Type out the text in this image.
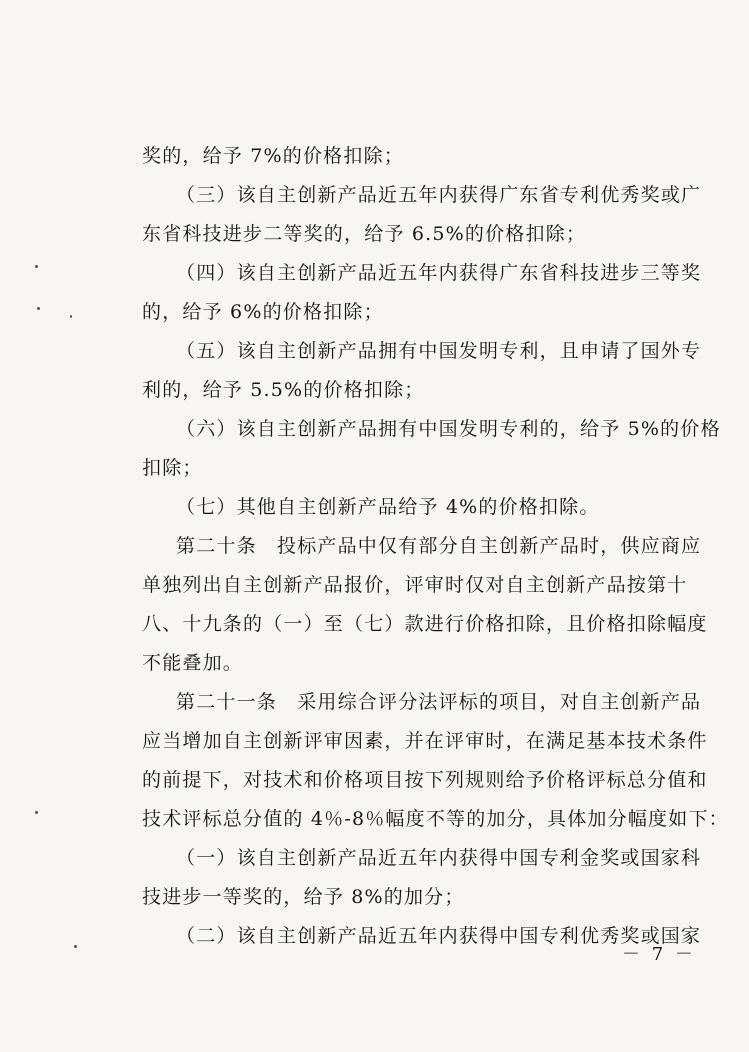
奖的，给予 7%的价格扣除；
（三）该自主创新产品近五年内获得广东省专利优秀奖或广
东省科技进步二等奖的，给予 6.5%的价格扣除；
（四）该自主创新产品近五年内获得广东省科技进步三等奖
的，给予 6%的价格扣除；
（五）该自主创新产品拥有中国发明专利，且申请了国外专
利的，给予 5.5%的价格扣除；
（六）该自主创新产品拥有中国发明专利的，给予 5%的价格
扣除；
（七）其他自主创新产品给予 4%的价格扣除。
第二十条　投标产品中仅有部分自主创新产品时，供应商应
单独列出自主创新产品报价，评审时仅对自主创新产品按第十
八、十九条的（一）至（七）款进行价格扣除，且价格扣除幅度
不能叠加。
第二十一条　采用综合评分法评标的项目，对自主创新产品
应当增加自主创新评审因素，并在评审时，在满足基本技术条件
的前提下，对技术和价格项目按下列规则给予价格评标总分值和
技术评标总分值的 4％-8％幅度不等的加分，具体加分幅度如下：
（一）该自主创新产品近五年内获得中国专利金奖或国家科
技进步一等奖的，给予 8%的加分；
（二）该自主创新产品近五年内获得中国专利优秀奖或国家
－ 7 －
